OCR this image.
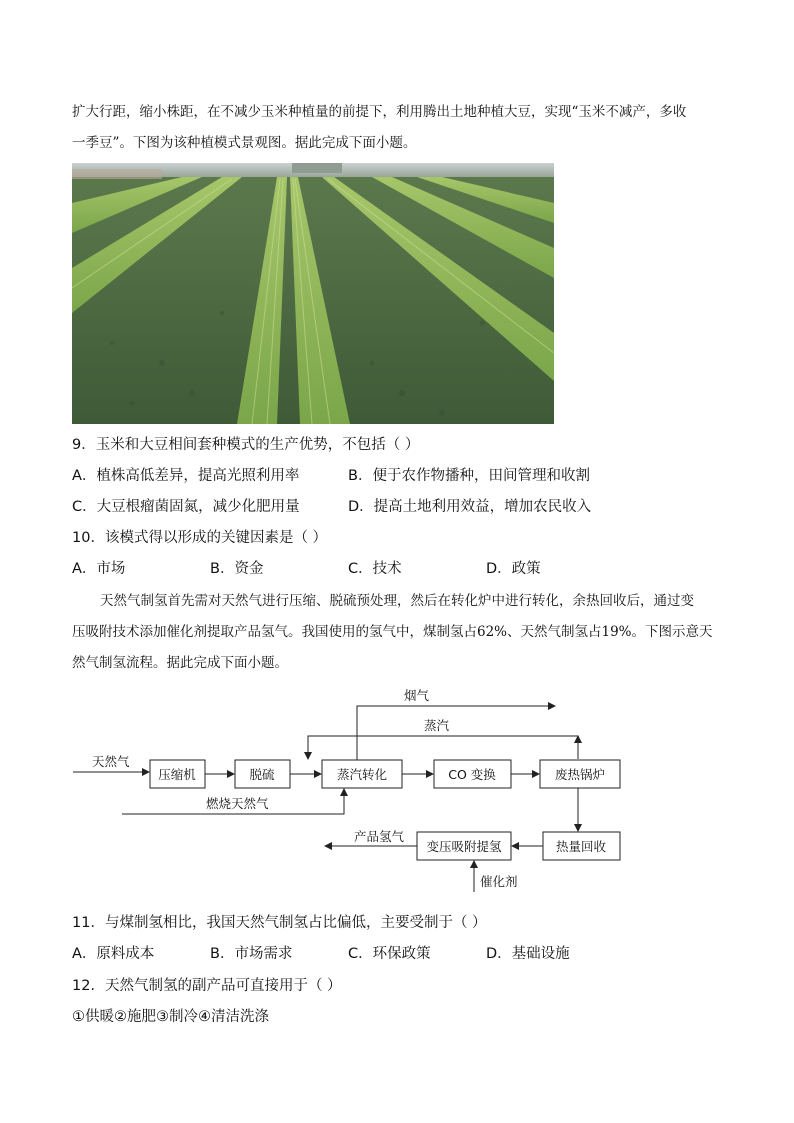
扩大行距，缩小株距，在不减少玉米种植量的前提下，利用腾出土地种植大豆，实现“玉米不减产，多收
一季豆”。下图为该种植模式景观图。据此完成下面小题。
9．玉米和大豆相间套种模式的生产优势，不包括（ ）
A．植株高低差异，提高光照利用率	B．便于农作物播种，田间管理和收割
C．大豆根瘤菌固氮，减少化肥用量	D．提高土地利用效益，增加农民收入
10．该模式得以形成的关键因素是（ ）
A．市场	B．资金	C．技术	D．政策
天然气制氢首先需对天然气进行压缩、脱硫预处理，然后在转化炉中进行转化，余热回收后，通过变
压吸附技术添加催化剂提取产品氢气。我国使用的氢气中，煤制氢占62%、天然气制氢占19%。下图示意天
然气制氢流程。据此完成下面小题。
压缩机	脱硫	蒸汽转化	CO 变换	废热锅炉
热量回收
变压吸附提氢
天然气
烟气
蒸汽
燃烧天然气
产品氢气
催化剂
11．与煤制氢相比，我国天然气制氢占比偏低，主要受制于（ ）
A．原料成本	B．市场需求	C．环保政策	D．基础设施
12．天然气制氢的副产品可直接用于（ ）
①供暖②施肥③制冷④清洁洗涤
